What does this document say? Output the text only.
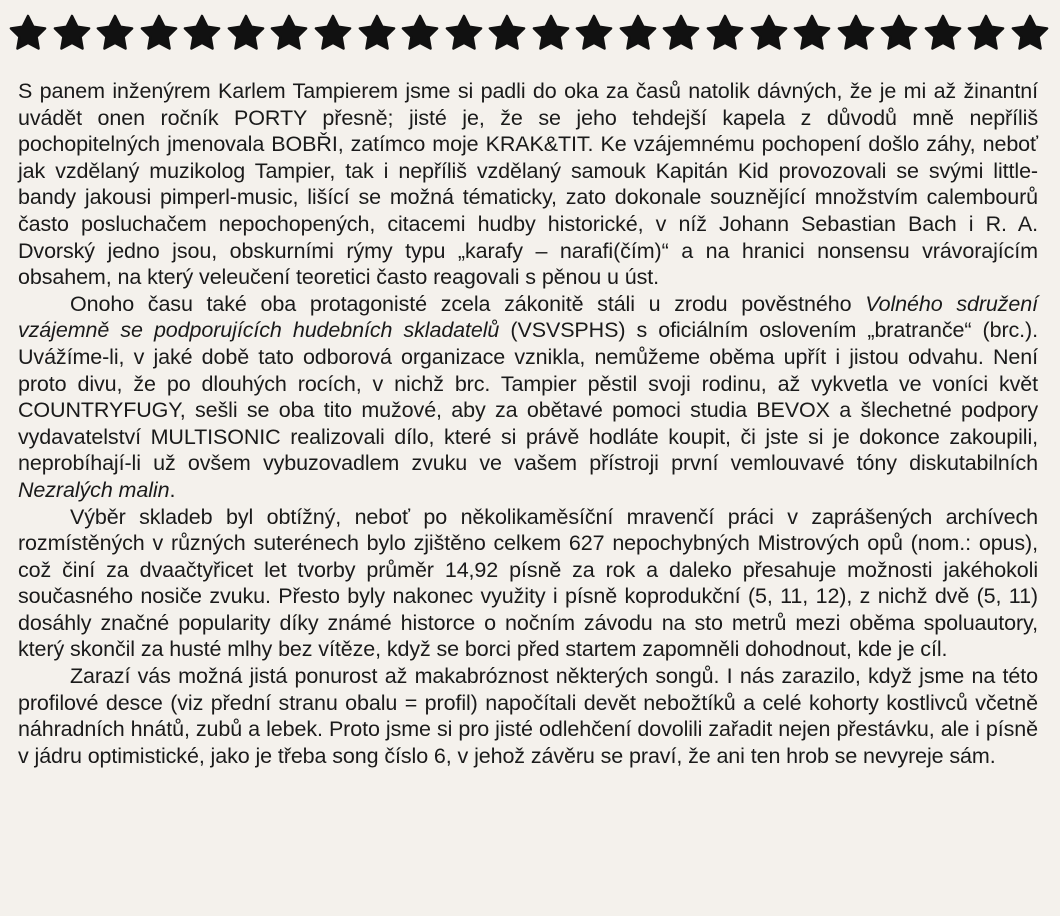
S panem inženýrem Karlem Tampierem jsme si padli do oka za časů natolik dávných, že je mi až žinantní uvádět onen ročník PORTY přesně; jisté je, že se jeho tehdejší kapela z důvodů mně nepříliš pochopitelných jmenovala BOBŘI, zatímco moje KRAK&TIT. Ke vzájemnému pochopení došlo záhy, neboť jak vzdělaný muzikolog Tampier, tak i nepříliš vzdělaný samouk Kapitán Kid provozovali se svými little-bandy jakousi pimperl-music, lišící se možná tématicky, zato dokonale souznějící množstvím calembourů často posluchačem nepochopených, citacemi hudby historické, v níž Johann Sebastian Bach i R. A. Dvorský jedno jsou, obskurními rýmy typu „karafy – narafi(čím)“ a na hranici nonsensu vrávorajícím obsahem, na který veleučení teoretici často reagovali s pěnou u úst.

Onoho času také oba protagonisté zcela zákonitě stáli u zrodu pověstného Volného sdružení vzájemně se podporujících hudebních skladatelů (VSVSPHS) s oficiálním oslovením „bratranče“ (brc.). Uvážíme-li, v jaké době tato odborová organizace vznikla, nemůžeme oběma upřít i jistou odvahu. Není proto divu, že po dlouhých rocích, v nichž brc. Tampier pěstil svoji rodinu, až vykvetla ve voníci květ COUNTRYFUGY, sešli se oba tito mužové, aby za obětavé pomoci studia BEVOX a šlechetné podpory vydavatelství MULTISONIC realizovali dílo, které si právě hodláte koupit, či jste si je dokonce zakoupili, neprobíhají-li už ovšem vybuzovadlem zvuku ve vašem přístroji první vemlouvavé tóny diskutabilních Nezralých malin.

Výběr skladeb byl obtížný, neboť po několikaměsíční mravenčí práci v zaprášených archívech rozmístěných v různých suterénech bylo zjištěno celkem 627 nepochybných Mistrových opů (nom.: opus), což činí za dvaačtyřicet let tvorby průměr 14,92 písně za rok a daleko přesahuje možnosti jakéhokoli současného nosiče zvuku. Přesto byly nakonec využity i písně koprodukční (5, 11, 12), z nichž dvě (5, 11) dosáhly značné popularity díky známé historce o nočním závodu na sto metrů mezi oběma spoluautory, který skončil za husté mlhy bez vítěze, když se borci před startem zapomněli dohodnout, kde je cíl.

Zarazí vás možná jistá ponurost až makabróznost některých songů. I nás zarazilo, když jsme na této profilové desce (viz přední stranu obalu = profil) napočítali devět nebožtíků a celé kohorty kostlivců včetně náhradních hnátů, zubů a lebek. Proto jsme si pro jisté odlehčení dovolili zařadit nejen přestávku, ale i písně v jádru optimistické, jako je třeba song číslo 6, v jehož závěru se praví, že ani ten hrob se nevyreje sám.
